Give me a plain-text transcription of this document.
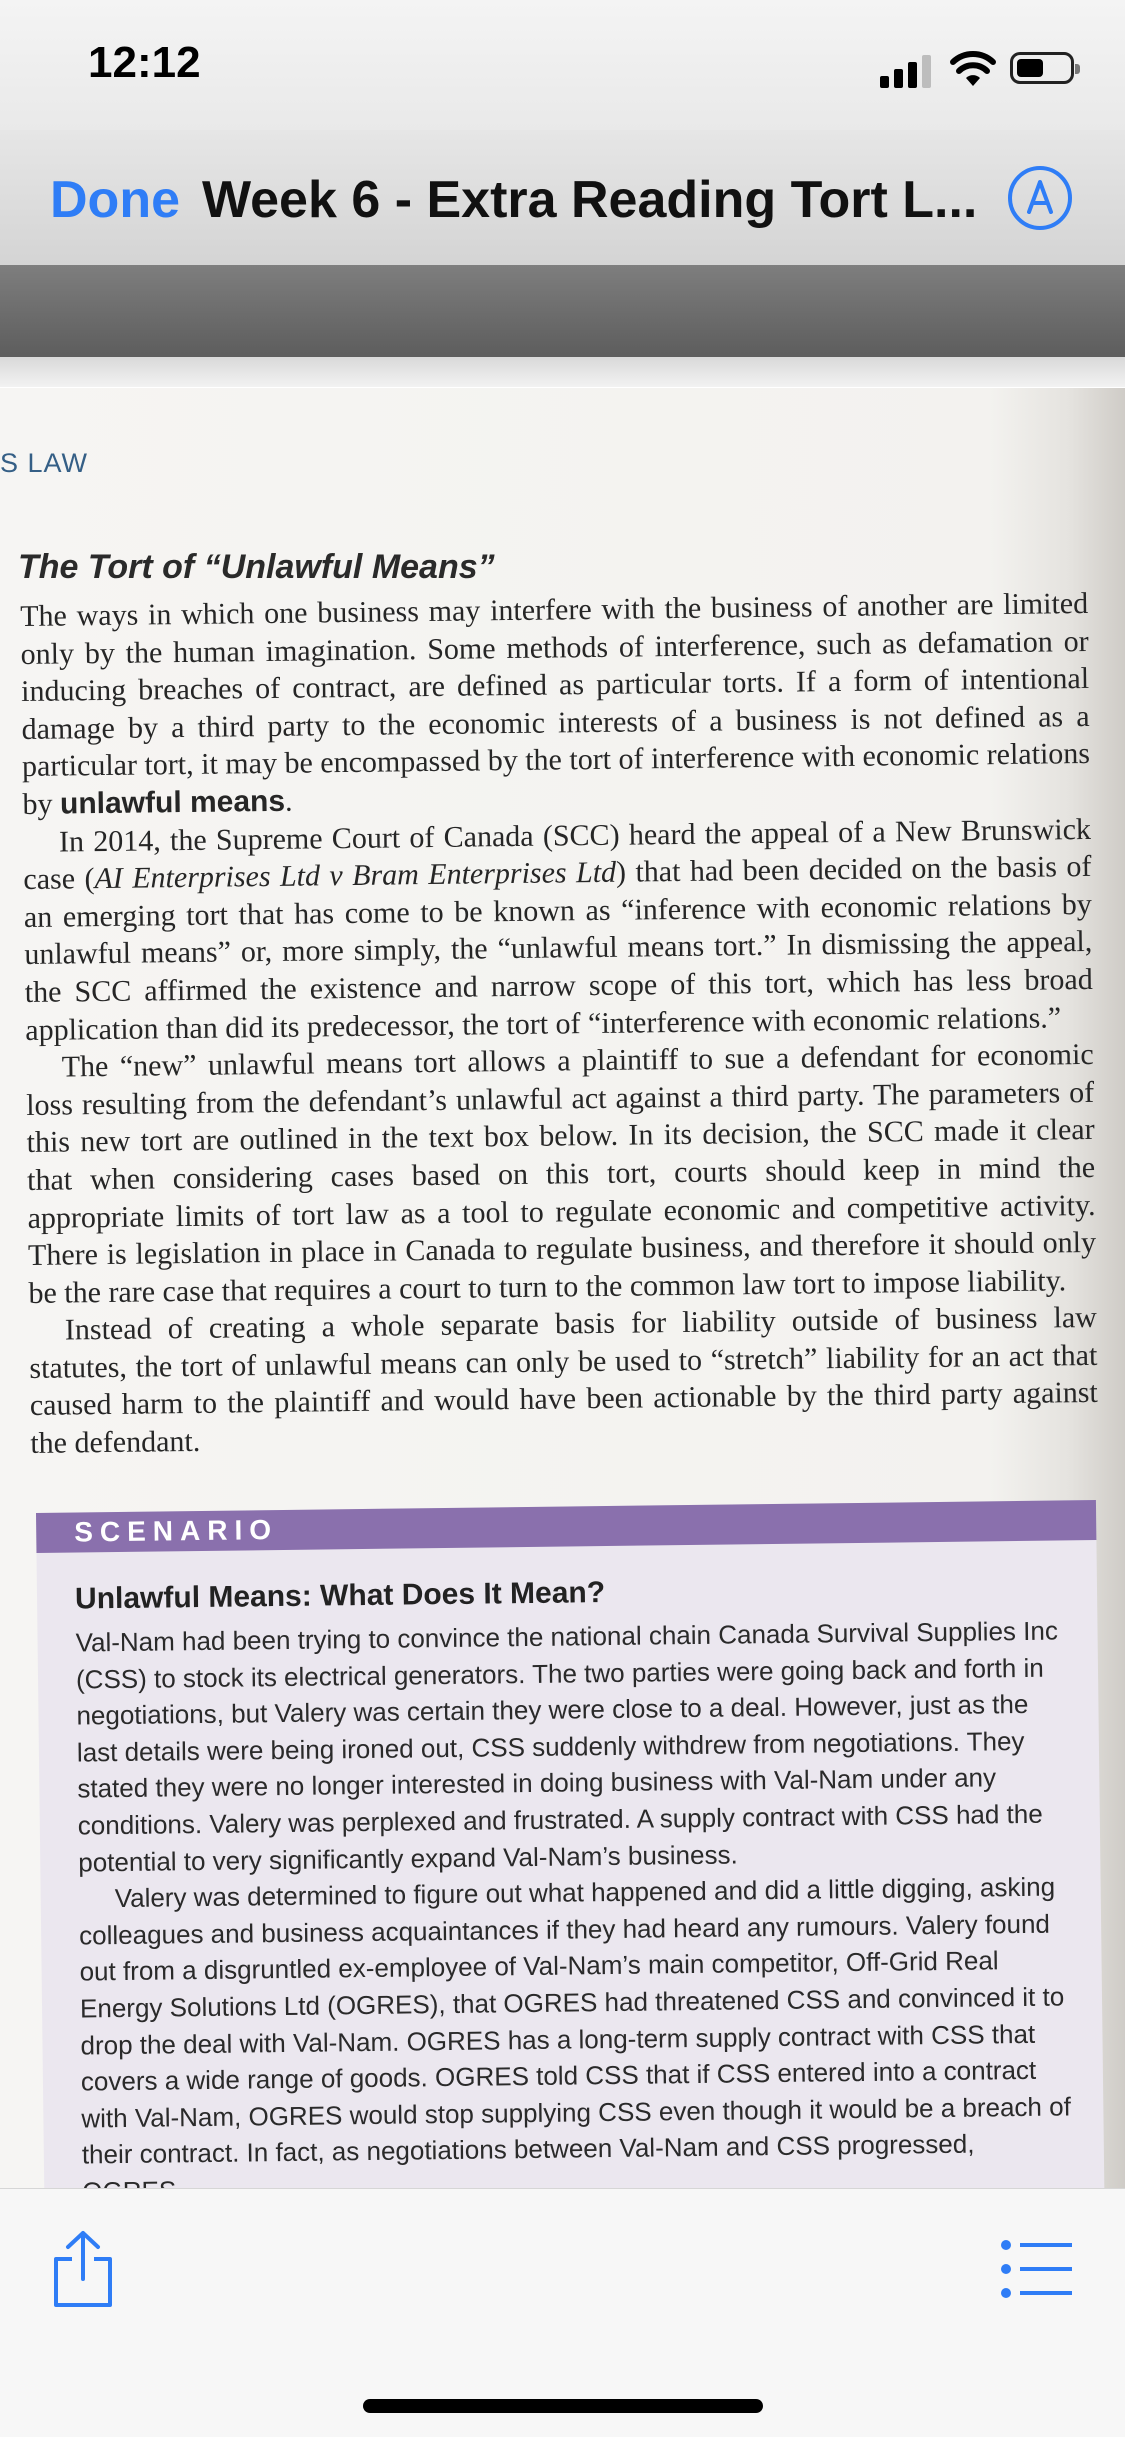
12:12
Done Week 6 - Extra Reading Tort L...
S LAW
The Tort of “Unlawful Means”

The ways in which one business may interfere with the business of another are limited only by the human imagination. Some methods of interference, such as defamation or inducing breaches of contract, are defined as particular torts. If a form of intentional damage by a third party to the economic interests of a business is not defined as a particular tort, it may be encompassed by the tort of interference with economic relations by unlawful means.

In 2014, the Supreme Court of Canada (SCC) heard the appeal of a New Brunswick case (AI Enterprises Ltd v Bram Enterprises Ltd) that had been decided on the basis of an emerging tort that has come to be known as “inference with economic relations by unlawful means” or, more simply, the “unlawful means tort.” In dismissing the appeal, the SCC affirmed the existence and narrow scope of this tort, which has less broad application than did its predecessor, the tort of “interference with economic relations.”

The “new” unlawful means tort allows a plaintiff to sue a defendant for economic loss resulting from the defendant’s unlawful act against a third party. The parameters of this new tort are outlined in the text box below. In its decision, the SCC made it clear that when considering cases based on this tort, courts should keep in mind the appropriate limits of tort law as a tool to regulate economic and competitive activity. There is legislation in place in Canada to regulate business, and therefore it should only be the rare case that requires a court to turn to the common law tort to impose liability.

Instead of creating a whole separate basis for liability outside of business law statutes, the tort of unlawful means can only be used to “stretch” liability for an act that caused harm to the plaintiff and would have been actionable by the third party against the defendant.

SCENARIO
Unlawful Means: What Does It Mean?

Val-Nam had been trying to convince the national chain Canada Survival Supplies Inc (CSS) to stock its electrical generators. The two parties were going back and forth in negotiations, but Valery was certain they were close to a deal. However, just as the last details were being ironed out, CSS suddenly withdrew from negotiations. They stated they were no longer interested in doing business with Val-Nam under any conditions. Valery was perplexed and frustrated. A supply contract with CSS had the potential to very significantly expand Val-Nam’s business.

Valery was determined to figure out what happened and did a little digging, asking colleagues and business acquaintances if they had heard any rumours. Valery found out from a disgruntled ex-employee of Val-Nam’s main competitor, Off-Grid Real Energy Solutions Ltd (OGRES), that OGRES had threatened CSS and convinced it to drop the deal with Val-Nam. OGRES has a long-term supply contract with CSS that covers a wide range of goods. OGRES told CSS that if CSS entered into a contract with Val-Nam, OGRES would stop supplying CSS even though it would be a breach of their contract. In fact, as negotiations between Val-Nam and CSS progressed,
